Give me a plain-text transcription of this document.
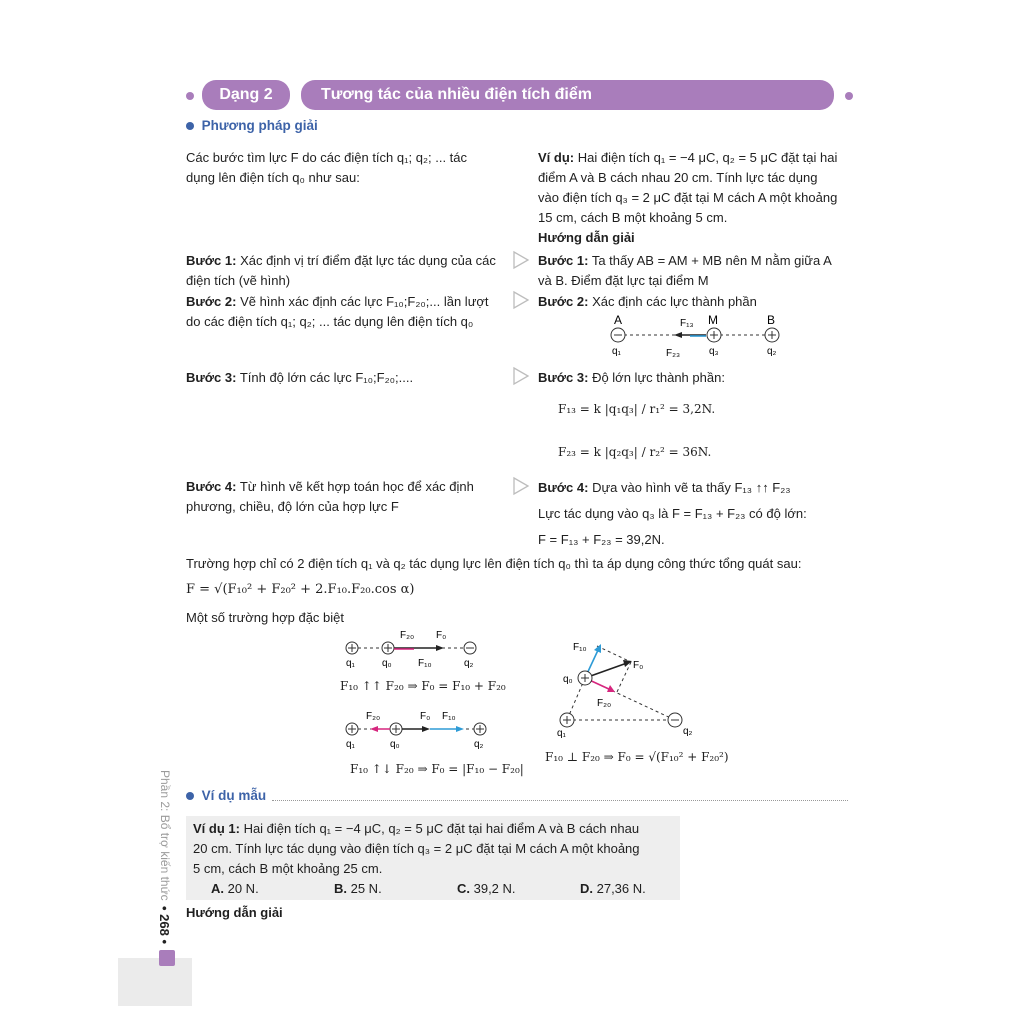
Dạng 2	Tương tác của nhiều điện tích điểm
Phương pháp giải
Các bước tìm lực F do các điện tích q₁; q₂; ... tác
dụng lên điện tích q₀ như sau:
Bước 1: Xác định vị trí điểm đặt lực tác dụng của các
điện tích (vẽ hình)
Bước 2: Vẽ hình xác định các lực F₁₀;F₂₀;... lần lượt
do các điện tích q₁; q₂; ... tác dụng lên điện tích q₀
Bước 3: Tính độ lớn các lực F₁₀;F₂₀;....
Bước 4: Từ hình vẽ kết hợp toán học để xác định
phương, chiều, độ lớn của hợp lực F
Ví dụ: Hai điện tích q₁ = −4 μC, q₂ = 5 μC đặt tại hai
điểm A và B cách nhau 20 cm. Tính lực tác dụng
vào điện tích q₃ = 2 μC đặt tại M cách A một khoảng
15 cm, cách B một khoảng 5 cm.
Hướng dẫn giải
Bước 1: Ta thấy AB = AM + MB nên M nằm giữa A
và B. Điểm đặt lực tại điểm M
Bước 2: Xác định các lực thành phần
A	M	B
F₁₃
F₂₃
q₁	q₃	q₂
Bước 3: Độ lớn lực thành phần:
F₁₃ = k |q₁q₃| / r₁² = 3,2N.
F₂₃ = k |q₂q₃| / r₂² = 36N.
Bước 4: Dựa vào hình vẽ ta thấy F₁₃ ↑↑ F₂₃
Lực tác dụng vào q₃ là F = F₁₃ + F₂₃ có độ lớn:
F = F₁₃ + F₂₃ = 39,2N.
Trường hợp chỉ có 2 điện tích q₁ và q₂ tác dụng lực lên điện tích q₀ thì ta áp dụng công thức tổng quát sau:
F = √(F₁₀² + F₂₀² + 2.F₁₀.F₂₀.cos α)
Một số trường hợp đặc biệt
F₂₀ F₀
q₁	q₀	F₁₀	q₂
F₁₀ ↑↑ F₂₀ ⇒ F₀ = F₁₀ + F₂₀
F₂₀	F₀ F₁₀
q₁	q₀	q₂
F₁₀ ↑↓ F₂₀ ⇒ F₀ = |F₁₀ − F₂₀|
F₁₀
F₀
q₀
F₂₀
q₁	q₂
F₁₀ ⊥ F₂₀ ⇒ F₀ = √(F₁₀² + F₂₀²)
Ví dụ mẫu
Ví dụ 1: Hai điện tích q₁ = −4 μC, q₂ = 5 μC đặt tại hai điểm A và B cách nhau
20 cm. Tính lực tác dụng vào điện tích q₃ = 2 μC đặt tại M cách A một khoảng
5 cm, cách B một khoảng 25 cm.
A. 20 N.	B. 25 N.	C. 39,2 N.	D. 27,36 N.
Hướng dẫn giải
Phần 2: Bổ trợ kiến thức
• 268 •
